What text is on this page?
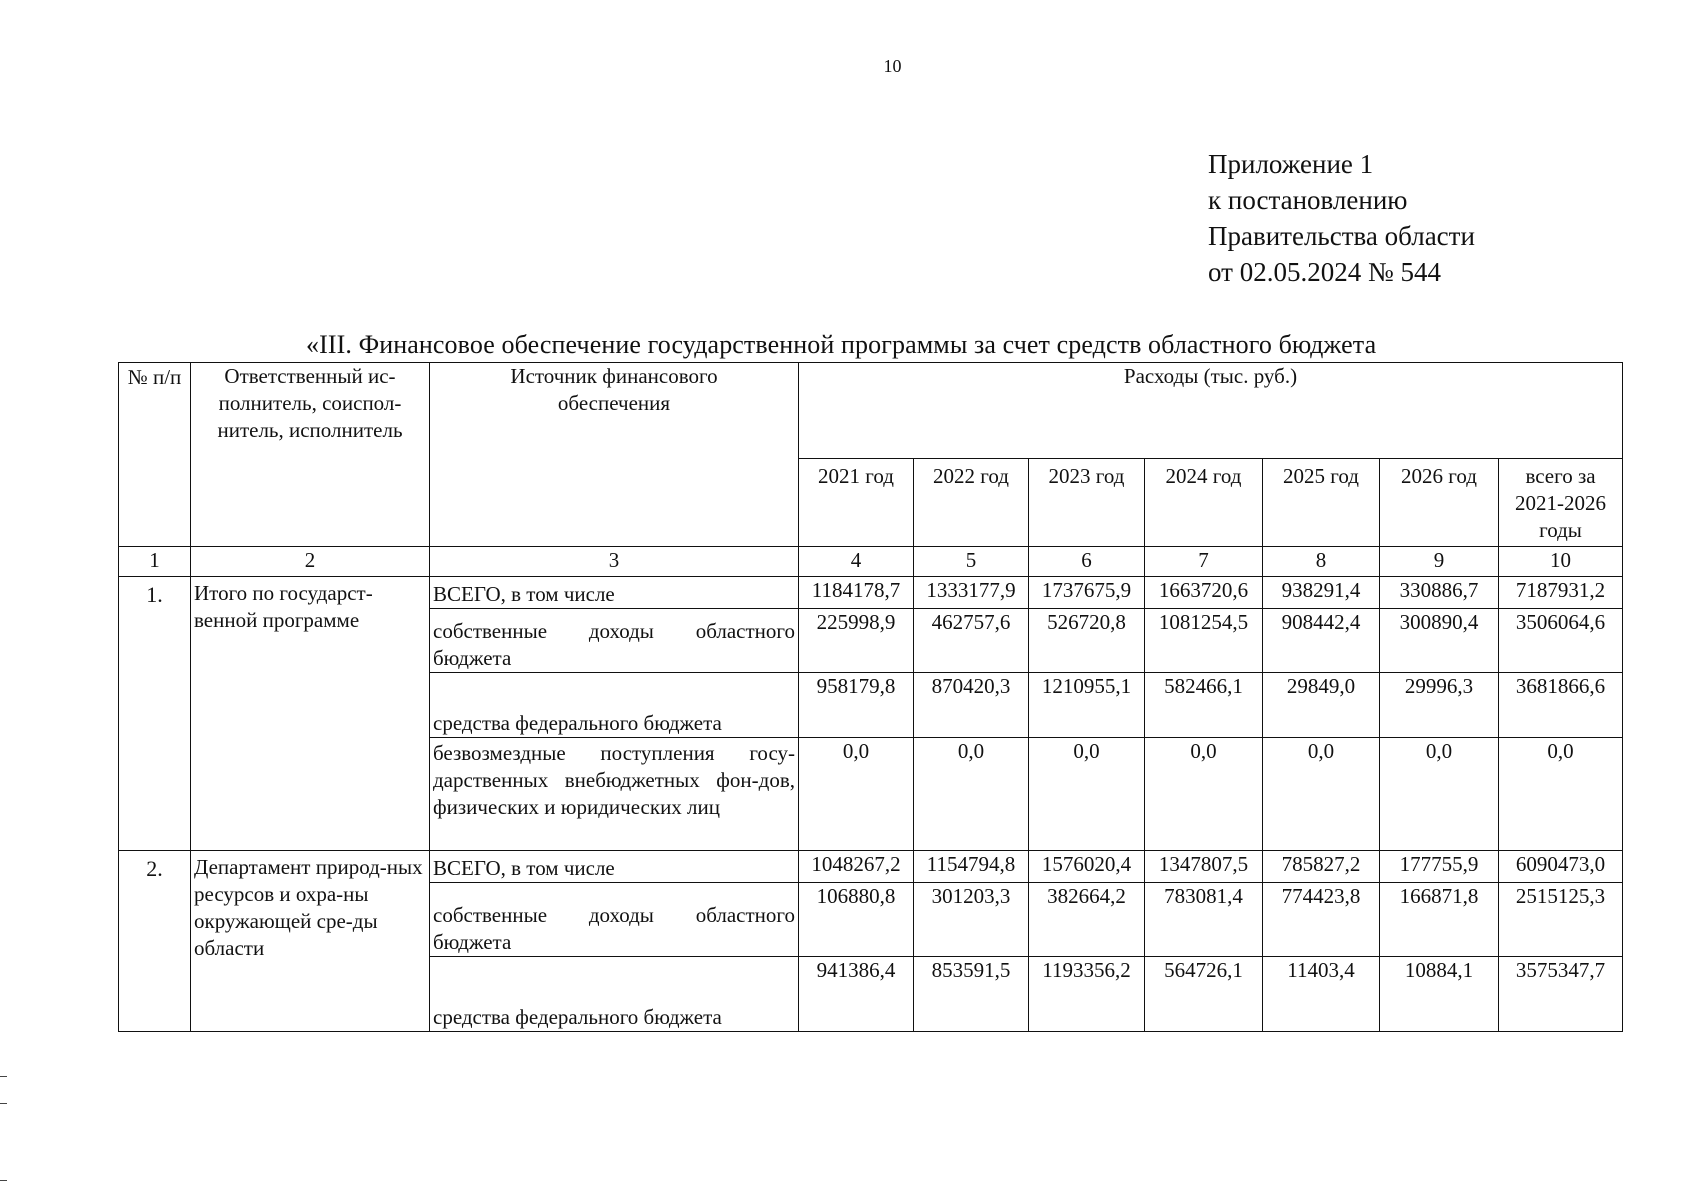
10
Приложение 1
к постановлению
Правительства области
от 02.05.2024 № 544
«III. Финансовое обеспечение государственной программы за счет средств областного бюджета
№ п/п	Ответственный ис-полнитель, соиспол-нитель, исполнитель	Источник финансового обеспечения	Расходы (тыс. руб.)						
			2021 год	2022 год	2023 год	2024 год	2025 год	2026 год	всего за 2021-2026 годы
1	2	3	4	5	6	7	8	9	10
1.	Итого по государст-венной программе	ВСЕГО, в том числе	1184178,7	1333177,9	1737675,9	1663720,6	938291,4	330886,7	7187931,2
		собственные доходы областного бюджета	225998,9	462757,6	526720,8	1081254,5	908442,4	300890,4	3506064,6
		средства федерального бюджета	958179,8	870420,3	1210955,1	582466,1	29849,0	29996,3	3681866,6
		безвозмездные поступления госу-дарственных внебюджетных фон-дов, физических и юридических лиц	0,0	0,0	0,0	0,0	0,0	0,0	0,0
2.	Департамент природ-ных ресурсов и охра-ны окружающей сре-ды области	ВСЕГО, в том числе	1048267,2	1154794,8	1576020,4	1347807,5	785827,2	177755,9	6090473,0
		собственные доходы областного бюджета	106880,8	301203,3	382664,2	783081,4	774423,8	166871,8	2515125,3
		средства федерального бюджета	941386,4	853591,5	1193356,2	564726,1	11403,4	10884,1	3575347,7
